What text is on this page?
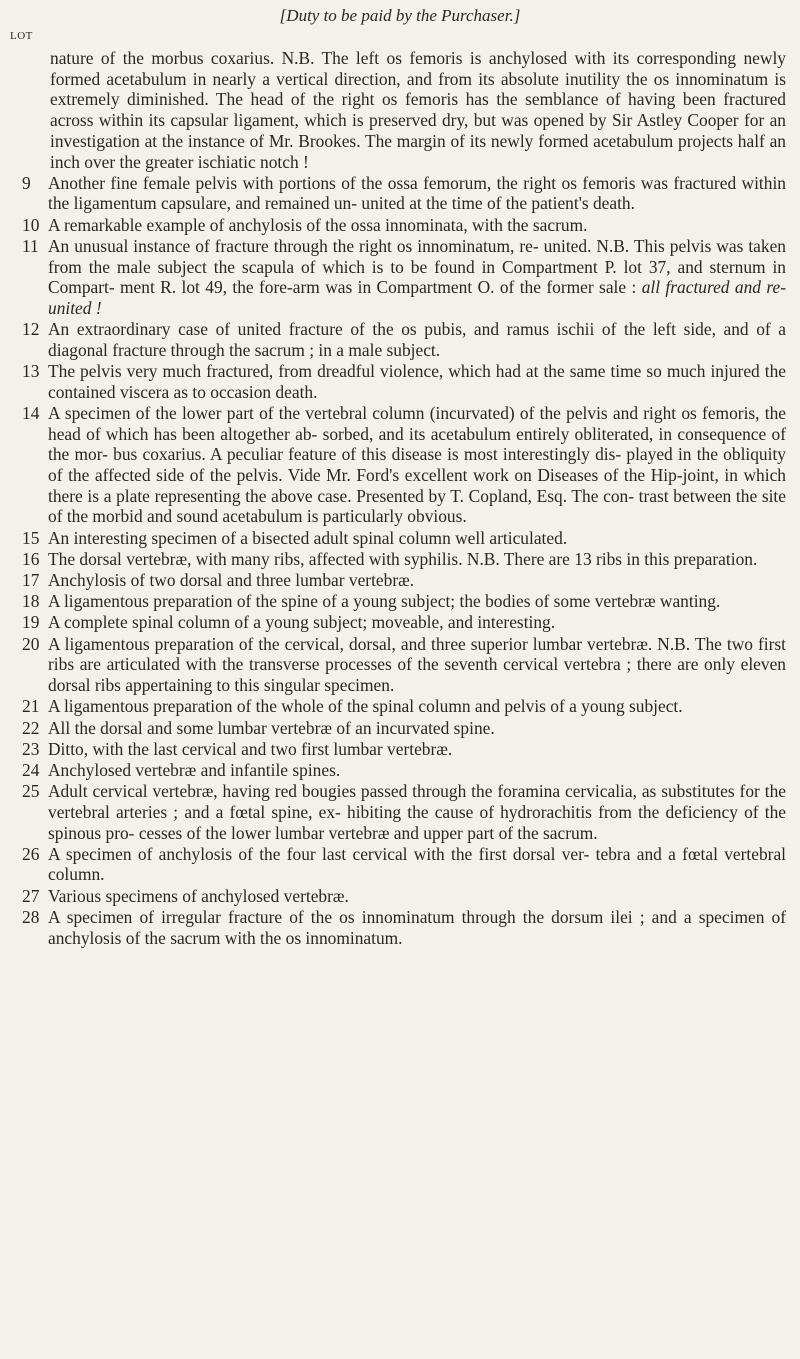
[Duty to be paid by the Purchaser.]
LOT
nature of the morbus coxarius. N.B. The left os femoris is anchylosed with its corresponding newly formed acetabulum in nearly a vertical direction, and from its absolute inutility the os innominatum is extremely diminished. The head of the right os femoris has the semblance of having been fractured across within its capsular ligament, which is preserved dry, but was opened by Sir Astley Cooper for an investigation at the instance of Mr. Brookes. The margin of its newly formed acetabulum projects half an inch over the greater ischiatic notch !
9 Another fine female pelvis with portions of the ossa femorum, the right os femoris was fractured within the ligamentum capsulare, and remained un- united at the time of the patient's death.
10 A remarkable example of anchylosis of the ossa innominata, with the sacrum.
11 An unusual instance of fracture through the right os innominatum, re- united. N.B. This pelvis was taken from the male subject the scapula of which is to be found in Compartment P. lot 37, and sternum in Compart- ment R. lot 49, the fore-arm was in Compartment O. of the former sale : all fractured and re-united !
12 An extraordinary case of united fracture of the os pubis, and ramus ischii of the left side, and of a diagonal fracture through the sacrum ; in a male subject.
13 The pelvis very much fractured, from dreadful violence, which had at the same time so much injured the contained viscera as to occasion death.
14 A specimen of the lower part of the vertebral column (incurvated) of the pelvis and right os femoris, the head of which has been altogether ab- sorbed, and its acetabulum entirely obliterated, in consequence of the mor- bus coxarius. A peculiar feature of this disease is most interestingly dis- played in the obliquity of the affected side of the pelvis. Vide Mr. Ford's excellent work on Diseases of the Hip-joint, in which there is a plate representing the above case. Presented by T. Copland, Esq. The con- trast between the site of the morbid and sound acetabulum is particularly obvious.
15 An interesting specimen of a bisected adult spinal column well articulated.
16 The dorsal vertebræ, with many ribs, affected with syphilis. N.B. There are 13 ribs in this preparation.
17 Anchylosis of two dorsal and three lumbar vertebræ.
18 A ligamentous preparation of the spine of a young subject; the bodies of some vertebræ wanting.
19 A complete spinal column of a young subject; moveable, and interesting.
20 A ligamentous preparation of the cervical, dorsal, and three superior lumbar vertebræ. N.B. The two first ribs are articulated with the transverse processes of the seventh cervical vertebra ; there are only eleven dorsal ribs appertaining to this singular specimen.
21 A ligamentous preparation of the whole of the spinal column and pelvis of a young subject.
22 All the dorsal and some lumbar vertebræ of an incurvated spine.
23 Ditto, with the last cervical and two first lumbar vertebræ.
24 Anchylosed vertebræ and infantile spines.
25 Adult cervical vertebræ, having red bougies passed through the foramina cervicalia, as substitutes for the vertebral arteries ; and a fœtal spine, ex- hibiting the cause of hydrorachitis from the deficiency of the spinous pro- cesses of the lower lumbar vertebræ and upper part of the sacrum.
26 A specimen of anchylosis of the four last cervical with the first dorsal ver- tebra and a fœtal vertebral column.
27 Various specimens of anchylosed vertebræ.
28 A specimen of irregular fracture of the os innominatum through the dorsum ilei ; and a specimen of anchylosis of the sacrum with the os innominatum.
